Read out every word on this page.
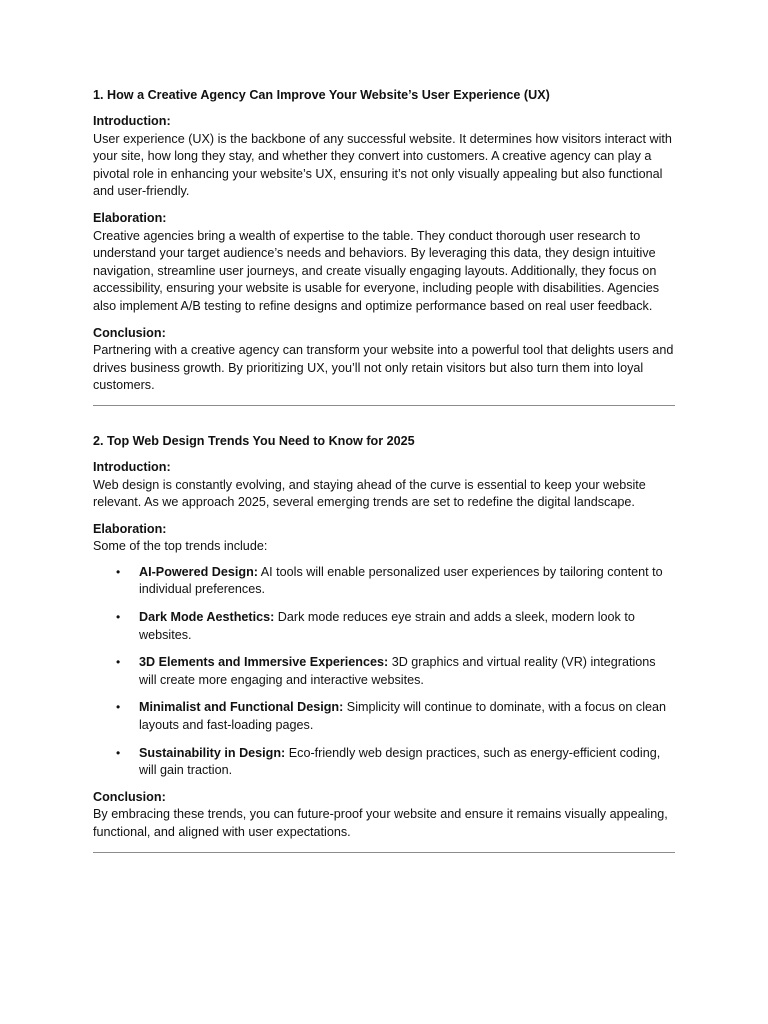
1. How a Creative Agency Can Improve Your Website’s User Experience (UX)
Introduction:
User experience (UX) is the backbone of any successful website. It determines how visitors interact with your site, how long they stay, and whether they convert into customers. A creative agency can play a pivotal role in enhancing your website’s UX, ensuring it’s not only visually appealing but also functional and user-friendly.
Elaboration:
Creative agencies bring a wealth of expertise to the table. They conduct thorough user research to understand your target audience’s needs and behaviors. By leveraging this data, they design intuitive navigation, streamline user journeys, and create visually engaging layouts. Additionally, they focus on accessibility, ensuring your website is usable for everyone, including people with disabilities. Agencies also implement A/B testing to refine designs and optimize performance based on real user feedback.
Conclusion:
Partnering with a creative agency can transform your website into a powerful tool that delights users and drives business growth. By prioritizing UX, you’ll not only retain visitors but also turn them into loyal customers.
2. Top Web Design Trends You Need to Know for 2025
Introduction:
Web design is constantly evolving, and staying ahead of the curve is essential to keep your website relevant. As we approach 2025, several emerging trends are set to redefine the digital landscape.
Elaboration:
Some of the top trends include:
• AI-Powered Design: AI tools will enable personalized user experiences by tailoring content to individual preferences.
• Dark Mode Aesthetics: Dark mode reduces eye strain and adds a sleek, modern look to websites.
• 3D Elements and Immersive Experiences: 3D graphics and virtual reality (VR) integrations will create more engaging and interactive websites.
• Minimalist and Functional Design: Simplicity will continue to dominate, with a focus on clean layouts and fast-loading pages.
• Sustainability in Design: Eco-friendly web design practices, such as energy-efficient coding, will gain traction.
Conclusion:
By embracing these trends, you can future-proof your website and ensure it remains visually appealing, functional, and aligned with user expectations.
